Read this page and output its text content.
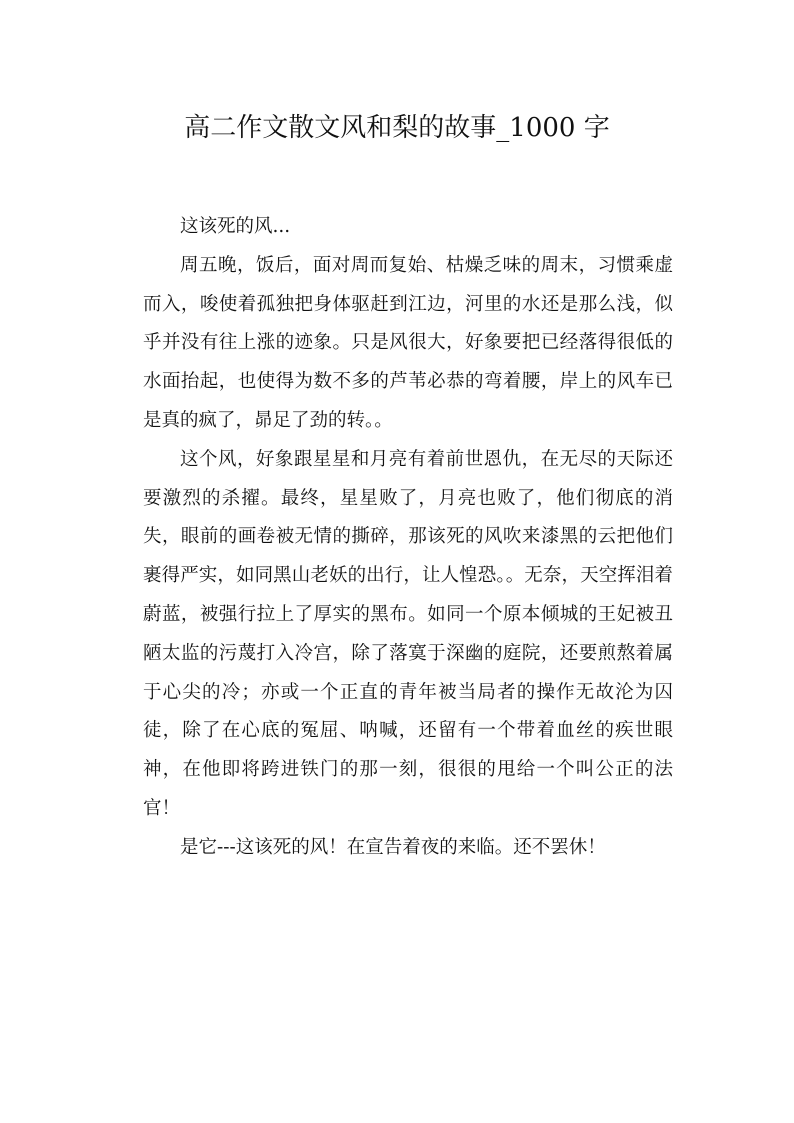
高二作文散文风和梨的故事_1000 字

这该死的风...

周五晚，饭后，面对周而复始、枯燥乏味的周末，习惯乘虚而入，唆使着孤独把身体驱赶到江边，河里的水还是那么浅，似乎并没有往上涨的迹象。只是风很大，好象要把已经落得很低的水面抬起，也使得为数不多的芦苇必恭的弯着腰，岸上的风车已是真的疯了，昴足了劲的转。。

这个风，好象跟星星和月亮有着前世恩仇，在无尽的天际还要激烈的杀擢。最终，星星败了，月亮也败了，他们彻底的消失，眼前的画卷被无情的撕碎，那该死的风吹来漆黑的云把他们裹得严实，如同黑山老妖的出行，让人惶恐。。无奈，天空挥泪着蔚蓝，被强行拉上了厚实的黑布。如同一个原本倾城的王妃被丑陋太监的污蔑打入冷宫，除了落寞于深幽的庭院，还要煎熬着属于心尖的冷；亦或一个正直的青年被当局者的操作无故沦为囚徒，除了在心底的冤屈、呐喊，还留有一个带着血丝的疾世眼神，在他即将跨进铁门的那一刻，很很的甩给一个叫公正的法官！

是它---这该死的风！在宣告着夜的来临。还不罢休！
